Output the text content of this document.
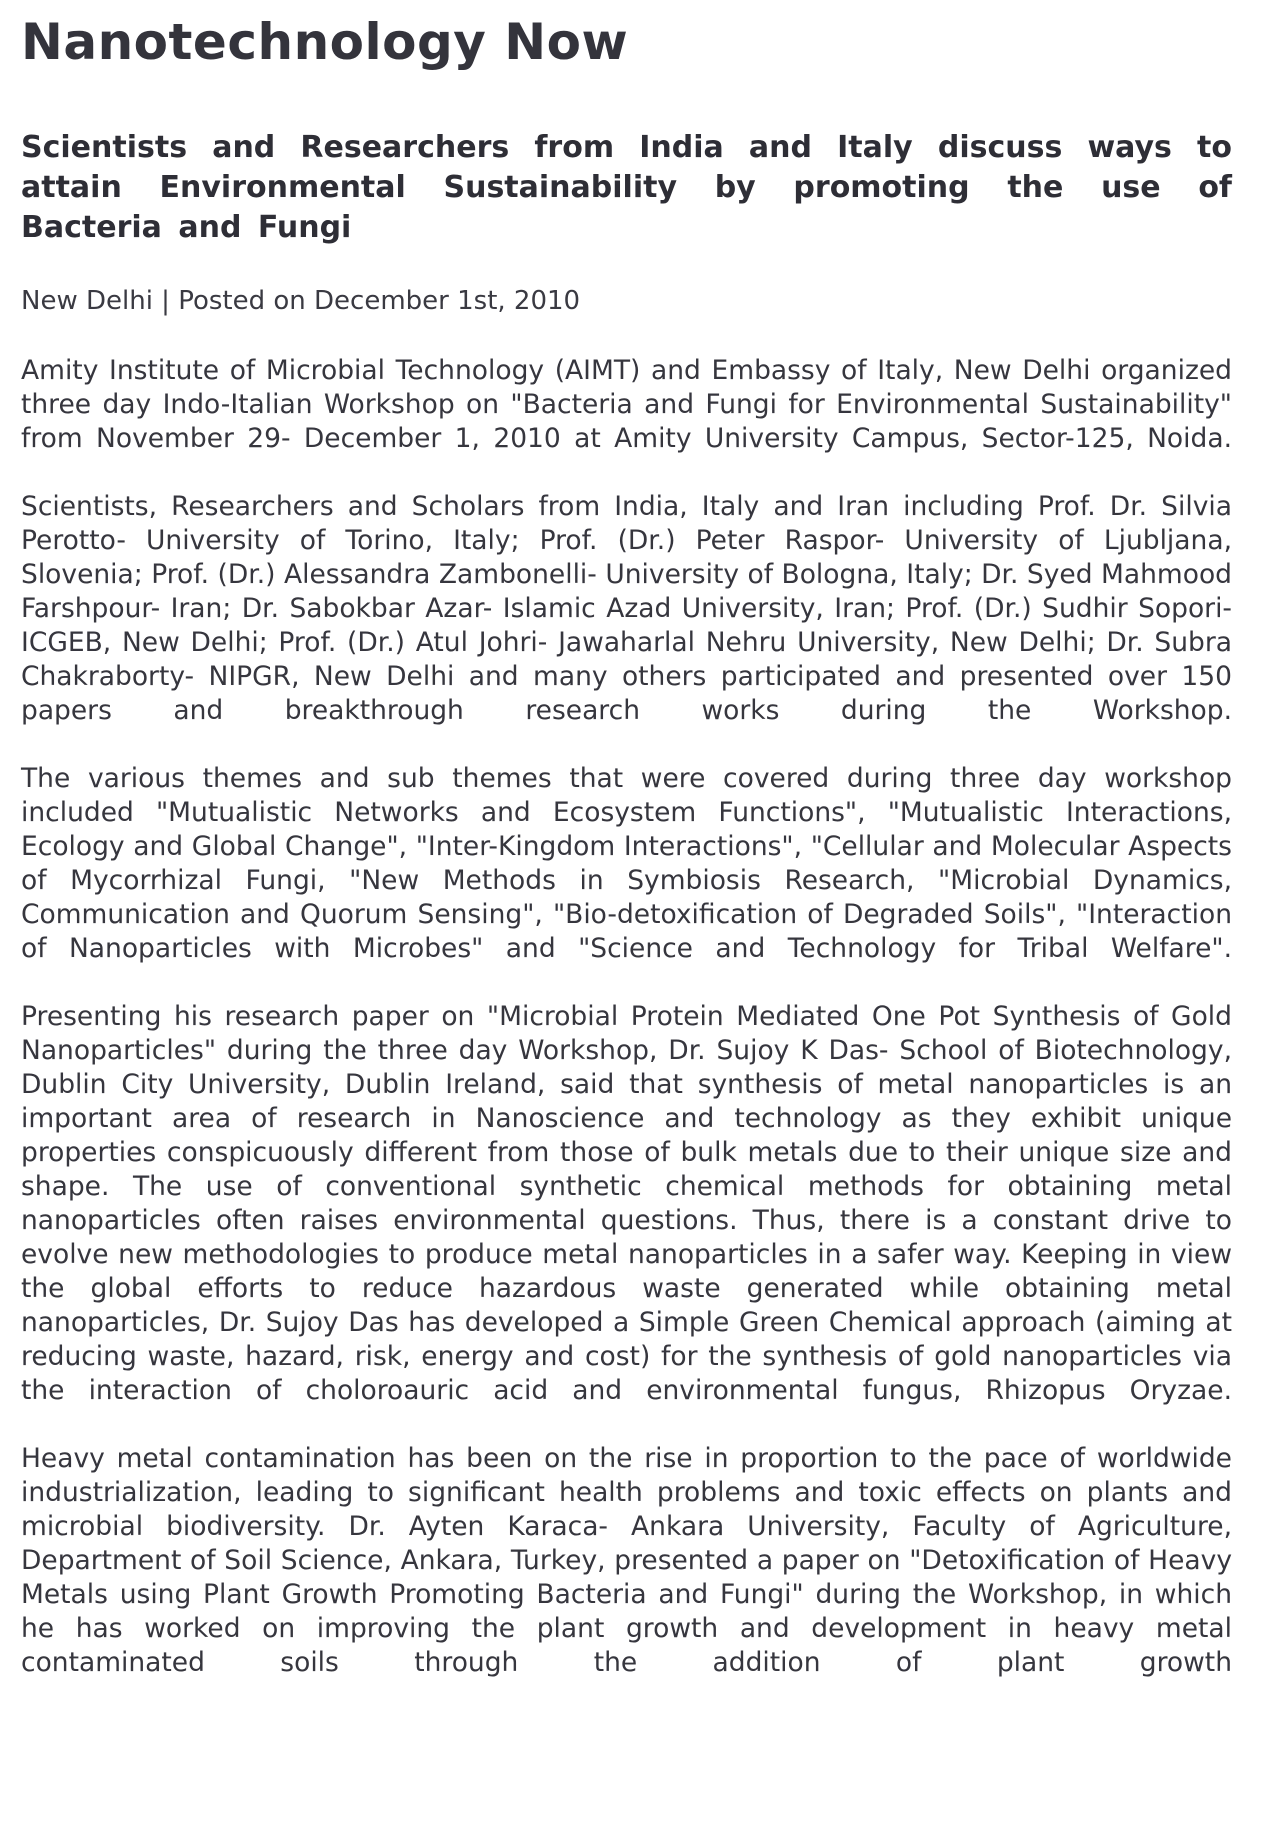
Nanotechnology Now
Scientists and Researchers from India and Italy discuss ways to attain Environmental Sustainability by promoting the use of Bacteria and Fungi
New Delhi | Posted on December 1st, 2010

Amity Institute of Microbial Technology (AIMT) and Embassy of Italy, New Delhi organized three day Indo-Italian Workshop on "Bacteria and Fungi for Environmental Sustainability" from November 29- December 1, 2010 at Amity University Campus, Sector-125, Noida.

Scientists, Researchers and Scholars from India, Italy and Iran including Prof. Dr. Silvia Perotto- University of Torino, Italy; Prof. (Dr.) Peter Raspor- University of Ljubljana, Slovenia; Prof. (Dr.) Alessandra Zambonelli- University of Bologna, Italy; Dr. Syed Mahmood Farshpour- Iran; Dr. Sabokbar Azar- Islamic Azad University, Iran; Prof. (Dr.) Sudhir Sopori- ICGEB, New Delhi; Prof. (Dr.) Atul Johri- Jawaharlal Nehru University, New Delhi; Dr. Subra Chakraborty- NIPGR, New Delhi and many others participated and presented over 150 papers and breakthrough research works during the Workshop.

The various themes and sub themes that were covered during three day workshop included "Mutualistic Networks and Ecosystem Functions", "Mutualistic Interactions, Ecology and Global Change", "Inter-Kingdom Interactions", "Cellular and Molecular Aspects of Mycorrhizal Fungi, "New Methods in Symbiosis Research, "Microbial Dynamics, Communication and Quorum Sensing", "Bio-detoxification of Degraded Soils", "Interaction of Nanoparticles with Microbes" and "Science and Technology for Tribal Welfare".

Presenting his research paper on "Microbial Protein Mediated One Pot Synthesis of Gold Nanoparticles" during the three day Workshop, Dr. Sujoy K Das- School of Biotechnology, Dublin City University, Dublin Ireland, said that synthesis of metal nanoparticles is an important area of research in Nanoscience and technology as they exhibit unique properties conspicuously different from those of bulk metals due to their unique size and shape. The use of conventional synthetic chemical methods for obtaining metal nanoparticles often raises environmental questions. Thus, there is a constant drive to evolve new methodologies to produce metal nanoparticles in a safer way. Keeping in view the global efforts to reduce hazardous waste generated while obtaining metal nanoparticles, Dr. Sujoy Das has developed a Simple Green Chemical approach (aiming at reducing waste, hazard, risk, energy and cost) for the synthesis of gold nanoparticles via the interaction of choloroauric acid and environmental fungus, Rhizopus Oryzae.

Heavy metal contamination has been on the rise in proportion to the pace of worldwide industrialization, leading to significant health problems and toxic effects on plants and microbial biodiversity. Dr. Ayten Karaca- Ankara University, Faculty of Agriculture, Department of Soil Science, Ankara, Turkey, presented a paper on "Detoxification of Heavy Metals using Plant Growth Promoting Bacteria and Fungi" during the Workshop, in which he has worked on improving the plant growth and development in heavy metal contaminated soils through the addition of plant growth
